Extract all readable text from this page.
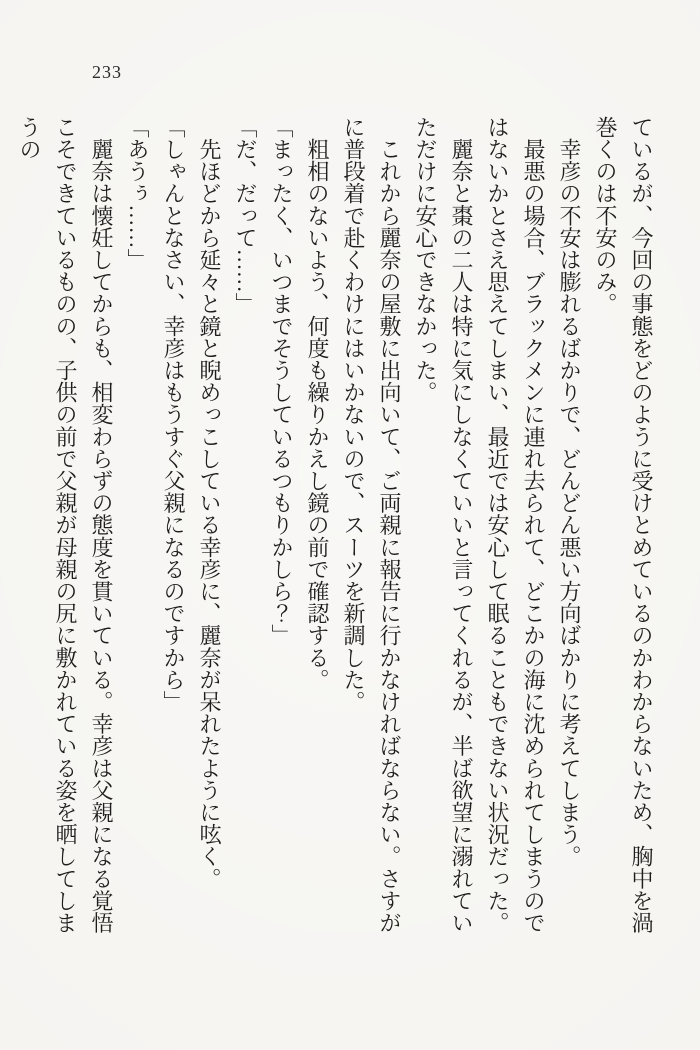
233

ているが、今回の事態をどのように受けとめているのかわからないため、胸中を渦巻くのは不安のみ。

　幸彦の不安は膨れるばかりで、どんどん悪い方向ばかりに考えてしまう。

　最悪の場合、ブラックメンに連れ去られて、どこかの海に沈められてしまうのではないかとさえ思えてしまい、最近では安心して眠ることもできない状況だった。

　麗奈と棗の二人は特に気にしなくていいと言ってくれるが、半ば欲望に溺れていただけに安心できなかった。

　これから麗奈の屋敷に出向いて、ご両親に報告に行かなければならない。さすがに普段着で赴くわけにはいかないので、スーツを新調した。

　粗相のないよう、何度も繰りかえし鏡の前で確認する。

「まったく、いつまでそうしているつもりかしら？」

「だ、だって……」

　先ほどから延々と鏡と睨めっこしている幸彦に、麗奈が呆れたように呟く。

「しゃんとなさい、幸彦はもうすぐ父親になるのですから」

「あうぅ……」

　麗奈は懐妊してからも、相変わらずの態度を貫いている。幸彦は父親になる覚悟こそできているものの、子供の前で父親が母親の尻に敷かれている姿を晒してしまうの
